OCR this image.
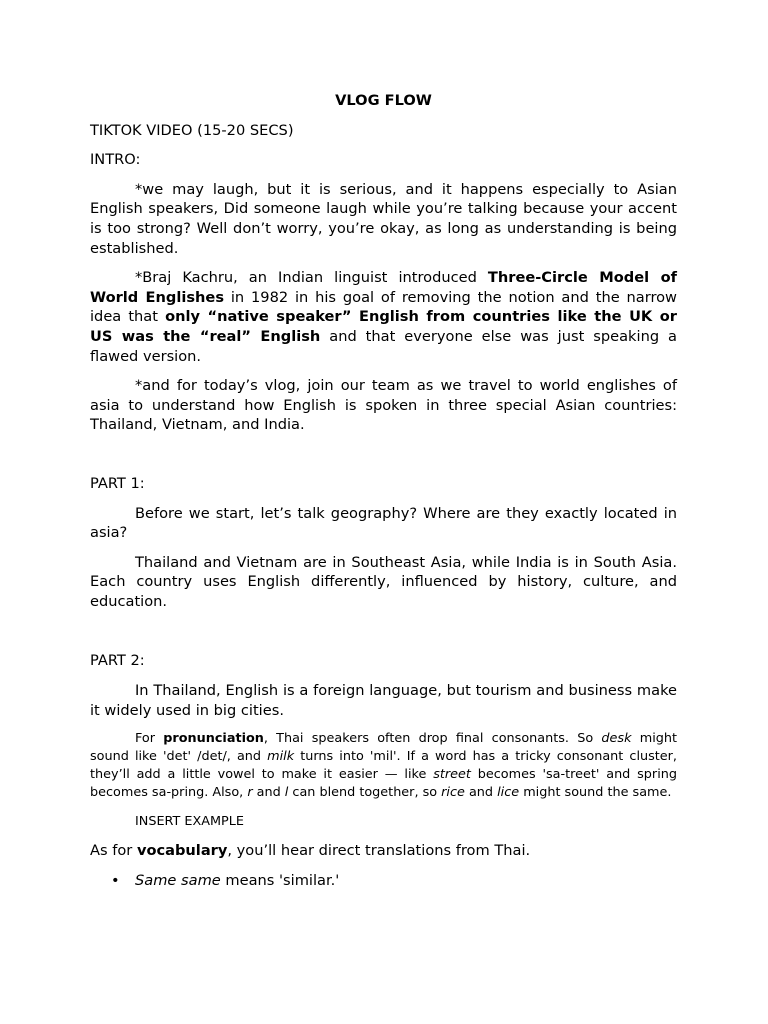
VLOG FLOW
TIKTOK VIDEO (15-20 SECS)
INTRO:

*we may laugh, but it is serious, and it happens especially to Asian English speakers, Did someone laugh while you’re talking because your accent is too strong? Well don’t worry, you’re okay, as long as understanding is being established.

*Braj Kachru, an Indian linguist introduced Three-Circle Model of World Englishes in 1982 in his goal of removing the notion and the narrow idea that only “native speaker” English from countries like the UK or US was the “real” English and that everyone else was just speaking a flawed version.

*and for today’s vlog, join our team as we travel to world englishes of asia to understand how English is spoken in three special Asian countries: Thailand, Vietnam, and India.

PART 1:

Before we start, let’s talk geography? Where are they exactly located in asia?

Thailand and Vietnam are in Southeast Asia, while India is in South Asia. Each country uses English differently, influenced by history, culture, and education.

PART 2:

In Thailand, English is a foreign language, but tourism and business make it widely used in big cities.

For pronunciation, Thai speakers often drop final consonants. So desk might sound like 'det' /det/, and milk turns into 'mil'. If a word has a tricky consonant cluster, they’ll add a little vowel to make it easier — like street becomes 'sa-treet' and spring becomes sa-pring. Also, r and l can blend together, so rice and lice might sound the same.

INSERT EXAMPLE
As for vocabulary, you’ll hear direct translations from Thai.
• Same same means 'similar.'
